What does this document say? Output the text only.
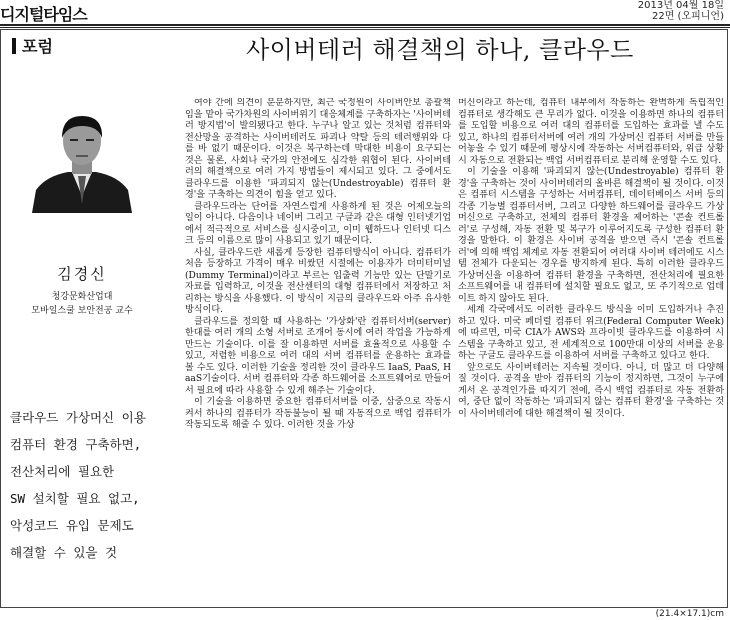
디지털타임스	2013년 04월 18일
22면 (오피니언)
포럼	사이버테러 해결책의 하나, 클라우드
김경신
청강문화산업대
모바일스쿨 보안전공 교수
클라우드 가상머신 이용
컴퓨터 환경 구축하면,
전산처리에 필요한
SW 설치할 필요 없고,
악성코드 유입 문제도
해결할 수 있을 것

여야 간에 의견이 분분하지만, 최근 국정원이 사이버안보 총괄책임을 맡아 국가차원의 사이버위기 대응체계를 구축하자는 '사이버테러 방지법'이 발의됐다고 한다. 누구나 알고 있는 것처럼 컴퓨터와 전산망을 공격하는 사이버테러도 파괴나 약탈 등의 테러행위와 다를 바 없기 때문이다. 이것은 복구하는데 막대한 비용이 요구되는 것은 물론, 사회나 국가의 안전에도 심각한 위협이 된다. 사이버테러의 해결책으로 여러 가지 방법들이 제시되고 있다. 그 중에서도 클라우드를 이용한 '파괴되지 않는(Undestroyable) 컴퓨터 환경'을 구축하는 의견이 힘을 얻고 있다.

클라우드라는 단어를 자연스럽게 사용하게 된 것은 어제오늘의 일이 아니다. 다음이나 네이버 그리고 구글과 같은 대형 인터넷기업에서 적극적으로 서비스를 실시중이고, 이미 웹하드나 인터넷 디스크 등의 이름으로 많이 사용되고 있기 때문이다.

사실, 클라우드란 새롭게 등장한 컴퓨터방식이 아니다. 컴퓨터가 처음 등장하고 가격이 매우 비쌌던 시절에는 이용자가 더미터미널(Dummy Terminal)이라고 부르는 입출력 기능만 있는 단말기로 자료를 입력하고, 이것을 전산센터의 대형 컴퓨터에서 저장하고 처리하는 방식을 사용했다. 이 방식이 지금의 클라우드와 아주 유사한 방식이다.

클라우드를 정의할 때 사용하는 '가상화'란 컴퓨터서버(server) 한대를 여러 개의 소형 서버로 조개어 동시에 여러 작업을 가능하게 만드는 기술이다. 이를 잘 이용하면 서버를 효율적으로 사용할 수 있고, 저렴한 비용으로 여러 대의 서버 컴퓨터를 운용하는 효과를 볼 수도 있다. 이러한 기술을 정리한 것이 클라우드 IaaS, PaaS, HaaS기술이다. 서버 컴퓨터와 각종 하드웨어를 소프트웨어로 만들어서 필요에 따라 사용할 수 있게 해주는 기술이다.

이 기술을 이용하면 중요한 컴퓨터서버를 이중, 삼중으로 작동시켜서 하나의 컴퓨터가 작동불능이 될 때 자동적으로 백업 컴퓨터가 작동되도록 해줄 수 있다. 이러한 것을 가상

머신이라고 하는데, 컴퓨터 내부에서 작동하는 완벽하게 독립적인 컴퓨터로 생각해도 큰 무리가 없다. 이것을 이용하면 하나의 컴퓨터를 도입할 비용으로 여러 대의 컴퓨터를 도입하는 효과를 낼 수도 있고, 하나의 컴퓨터서버에 여러 개의 가상머신 컴퓨터 서버를 만들어놓을 수 있기 때문에 평상시에 작동하는 서버컴퓨터와, 위급 상황 시 자동으로 전환되는 백업 서버컴퓨터로 분리해 운영할 수도 있다.

이 기술을 이용해 '파괴되지 않는(Undestroyable) 컴퓨터 환경'을 구축하는 것이 사이버테러의 올바른 해결책이 될 것이다. 이것은 컴퓨터 시스템을 구성하는 서버컴퓨터, 데이터베이스 서버 등의 각종 기능별 컴퓨터서버, 그리고 다양한 하드웨어를 클라우드 가상머신으로 구축하고, 전체의 컴퓨터 환경을 제어하는 '콘솔 컨트롤러'로 구성해, 자동 전환 및 복구가 이루어지도록 구성한 컴퓨터 환경을 말한다. 이 환경은 사이버 공격을 받으면 즉시 '콘솔 컨트롤러'에 의해 백업 체계로 자동 전환되어 여러대 사이버 테러에도 시스템 전체가 다운되는 경우를 방지하게 된다. 특히 이러한 클라우드 가상머신을 이용하여 컴퓨터 환경을 구축하면, 전산처리에 필요한 소프트웨어를 내 컴퓨터에 설치할 필요도 없고, 또 주기적으로 업데이트 하지 않아도 된다.

세계 각국에서도 이러한 클라우드 방식을 이미 도입하거나 추진하고 있다. 미국 페더럴 컴퓨터 위크(Federal Computer Week)에 따르면, 미국 CIA가 AWS와 프라이빗 클라우드를 이용하여 시스템을 구축하고 있고, 전 세계적으로 100만대 이상의 서버를 운용하는 구글도 클라우드를 이용하여 서버를 구축하고 있다고 한다.

앞으로도 사이버테러는 지속될 것이다. 아니, 더 많고 더 다양해질 것이다. 공격을 받아 컴퓨터의 기능이 정지하면, 그것이 누구에게서 온 공격인가를 따지기 전에, 즉시 백업 컴퓨터로 자동 전환하여, 중단 없이 작동하는 '파괴되지 않는 컴퓨터 환경'을 구축하는 것이 사이버테러에 대한 해결책이 될 것이다.

(21.4×17.1)cm
